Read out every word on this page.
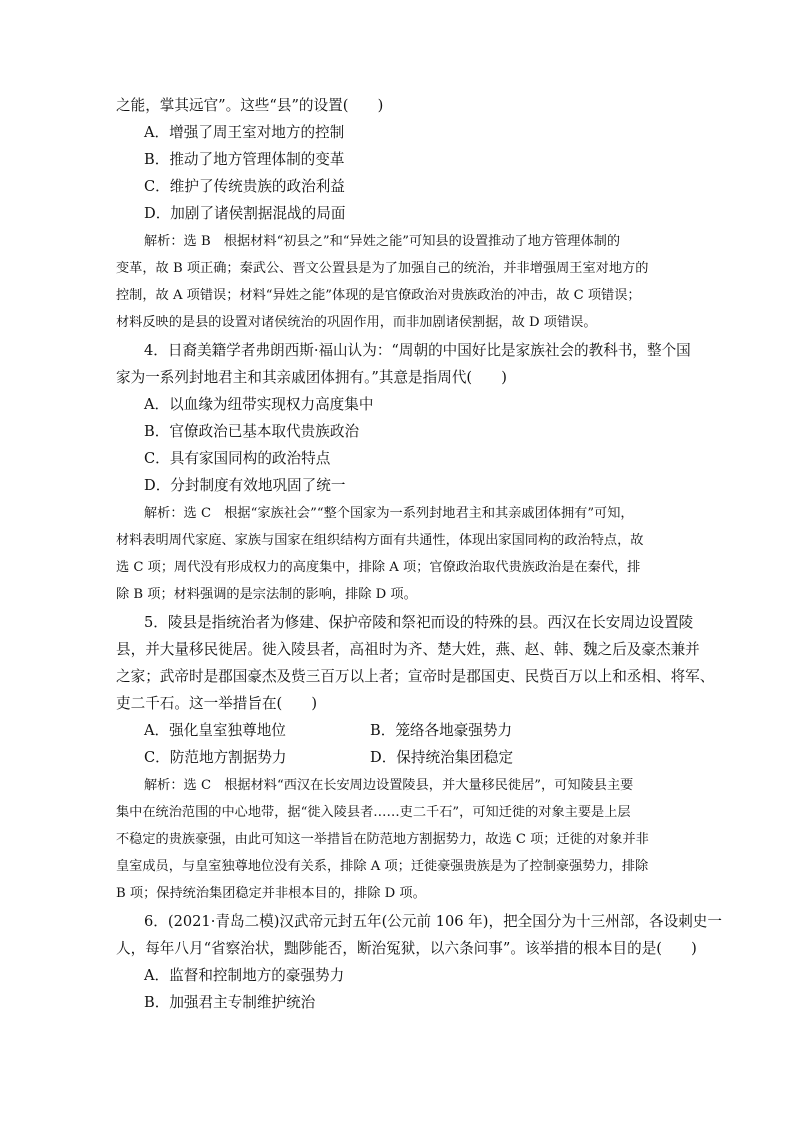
之能，掌其远官”。这些“县”的设置(　　)
A．增强了周王室对地方的控制
B．推动了地方管理体制的变革
C．维护了传统贵族的政治利益
D．加剧了诸侯割据混战的局面
解析：选 B　根据材料“初县之”和“异姓之能”可知县的设置推动了地方管理体制的
变革，故 B 项正确；秦武公、晋文公置县是为了加强自己的统治，并非增强周王室对地方的
控制，故 A 项错误；材料“异姓之能”体现的是官僚政治对贵族政治的冲击，故 C 项错误；
材料反映的是县的设置对诸侯统治的巩固作用，而非加剧诸侯割据，故 D 项错误。
4．日裔美籍学者弗朗西斯·福山认为：“周朝的中国好比是家族社会的教科书，整个国
家为一系列封地君主和其亲戚团体拥有。”其意是指周代(　　)
A．以血缘为纽带实现权力高度集中
B．官僚政治已基本取代贵族政治
C．具有家国同构的政治特点
D．分封制度有效地巩固了统一
解析：选 C　根据“家族社会”“整个国家为一系列封地君主和其亲戚团体拥有”可知，
材料表明周代家庭、家族与国家在组织结构方面有共通性，体现出家国同构的政治特点，故
选 C 项；周代没有形成权力的高度集中，排除 A 项；官僚政治取代贵族政治是在秦代，排
除 B 项；材料强调的是宗法制的影响，排除 D 项。
5．陵县是指统治者为修建、保护帝陵和祭祀而设的特殊的县。西汉在长安周边设置陵
县，并大量移民徙居。徙入陵县者，高祖时为齐、楚大姓，燕、赵、韩、魏之后及豪杰兼并
之家；武帝时是郡国豪杰及赀三百万以上者；宣帝时是郡国吏、民赀百万以上和丞相、将军、
吏二千石。这一举措旨在(　　)
A．强化皇室独尊地位	B．笼络各地豪强势力
C．防范地方割据势力	D．保持统治集团稳定
解析：选 C　根据材料“西汉在长安周边设置陵县，并大量移民徙居”，可知陵县主要
集中在统治范围的中心地带，据“徙入陵县者……吏二千石”，可知迁徙的对象主要是上层
不稳定的贵族豪强，由此可知这一举措旨在防范地方割据势力，故选 C 项；迁徙的对象并非
皇室成员，与皇室独尊地位没有关系，排除 A 项；迁徙豪强贵族是为了控制豪强势力，排除
B 项；保持统治集团稳定并非根本目的，排除 D 项。
6．(2021·青岛二模)汉武帝元封五年(公元前 106 年)，把全国分为十三州部，各设刺史一
人，每年八月“省察治状，黜陟能否，断治冤狱，以六条问事”。该举措的根本目的是(　　)
A．监督和控制地方的豪强势力
B．加强君主专制维护统治
